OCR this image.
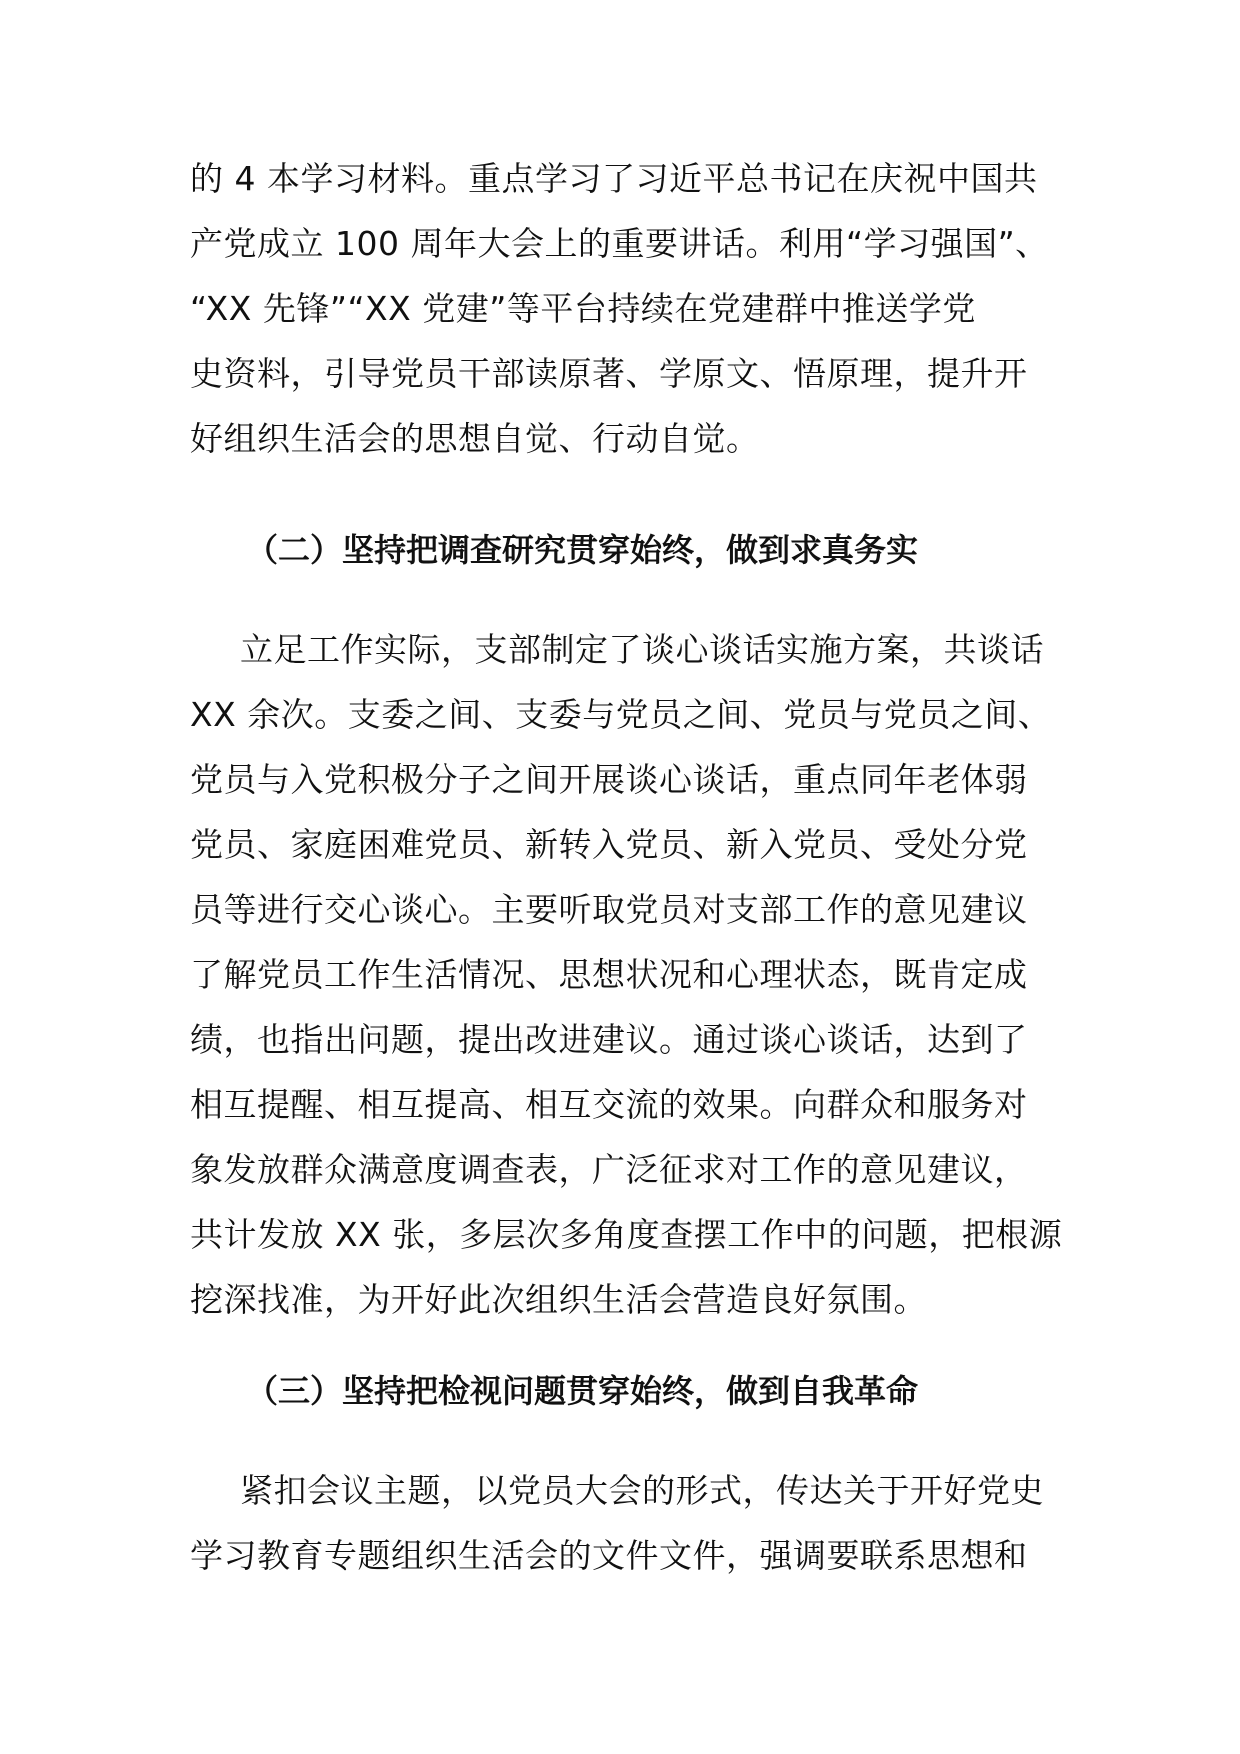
的 4 本学习材料。重点学习了习近平总书记在庆祝中国共
产党成立 100 周年大会上的重要讲话。利用“学习强国”、
“XX 先锋”“XX 党建”等平台持续在党建群中推送学党
史资料，引导党员干部读原著、学原文、悟原理，提升开
好组织生活会的思想自觉、行动自觉。
（二）坚持把调查研究贯穿始终，做到求真务实
立足工作实际，支部制定了谈心谈话实施方案，共谈话
XX 余次。支委之间、支委与党员之间、党员与党员之间、
党员与入党积极分子之间开展谈心谈话，重点同年老体弱
党员、家庭困难党员、新转入党员、新入党员、受处分党
员等进行交心谈心。主要听取党员对支部工作的意见建议
了解党员工作生活情况、思想状况和心理状态，既肯定成
绩，也指出问题，提出改进建议。通过谈心谈话，达到了
相互提醒、相互提高、相互交流的效果。向群众和服务对
象发放群众满意度调查表，广泛征求对工作的意见建议，
共计发放 XX 张，多层次多角度查摆工作中的问题，把根源
挖深找准，为开好此次组织生活会营造良好氛围。
（三）坚持把检视问题贯穿始终，做到自我革命
紧扣会议主题，以党员大会的形式，传达关于开好党史
学习教育专题组织生活会的文件文件，强调要联系思想和
